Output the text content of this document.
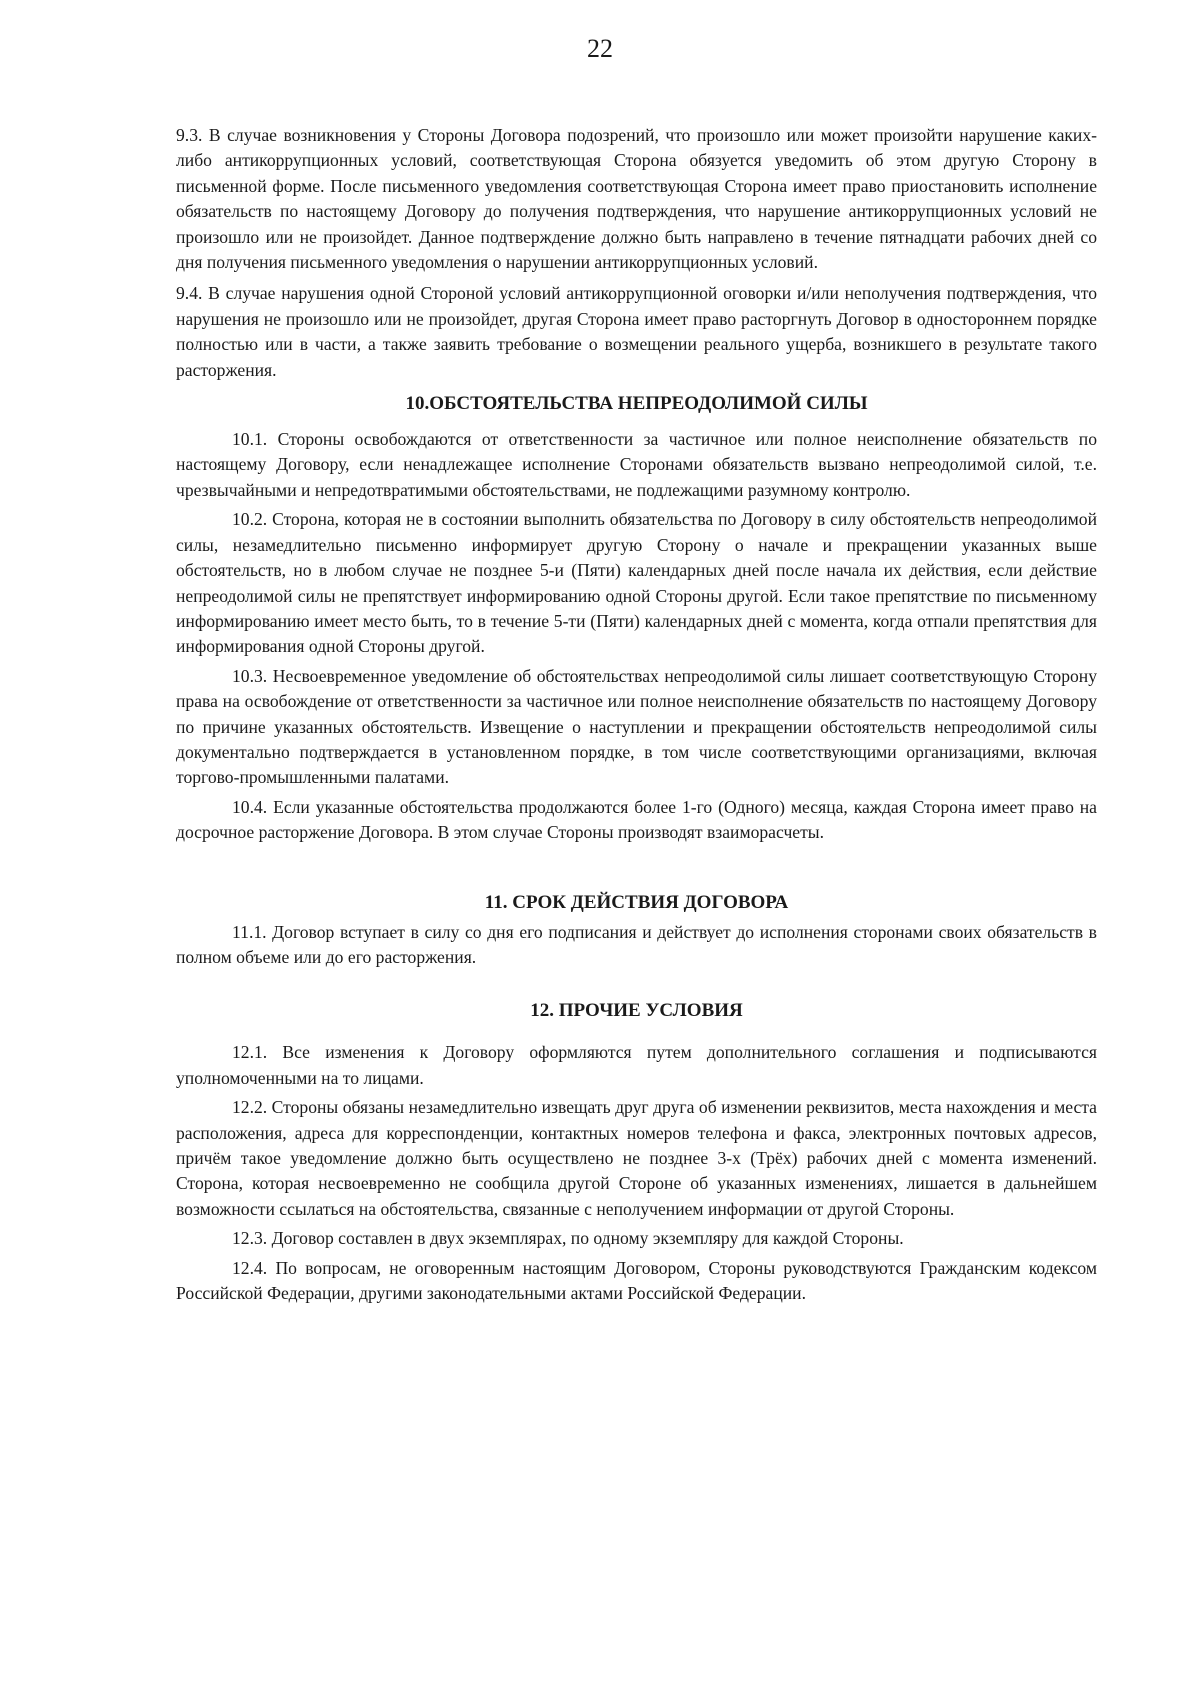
22

9.3. В случае возникновения у Стороны Договора подозрений, что произошло или может произойти нарушение каких-либо антикоррупционных условий, соответствующая Сторона обязуется уведомить об этом другую Сторону в письменной форме. После письменного уведомления соответствующая Сторона имеет право приостановить исполнение обязательств по настоящему Договору до получения подтверждения, что нарушение антикоррупционных условий не произошло или не произойдет. Данное подтверждение должно быть направлено в течение пятнадцати рабочих дней со дня получения письменного уведомления о нарушении антикоррупционных условий.

9.4. В случае нарушения одной Стороной условий антикоррупционной оговорки и/или неполучения подтверждения, что нарушения не произошло или не произойдет, другая Сторона имеет право расторгнуть Договор в одностороннем порядке полностью или в части, а также заявить требование о возмещении реального ущерба, возникшего в результате такого расторжения.

10.ОБСТОЯТЕЛЬСТВА НЕПРЕОДОЛИМОЙ СИЛЫ

10.1. Стороны освобождаются от ответственности за частичное или полное неисполнение обязательств по настоящему Договору, если ненадлежащее исполнение Сторонами обязательств вызвано непреодолимой силой, т.е. чрезвычайными и непредотвратимыми обстоятельствами, не подлежащими разумному контролю.

10.2. Сторона, которая не в состоянии выполнить обязательства по Договору в силу обстоятельств непреодолимой силы, незамедлительно письменно информирует другую Сторону о начале и прекращении указанных выше обстоятельств, но в любом случае не позднее 5-и (Пяти) календарных дней после начала их действия, если действие непреодолимой силы не препятствует информированию одной Стороны другой. Если такое препятствие по письменному информированию имеет место быть, то в течение 5-ти (Пяти) календарных дней с момента, когда отпали препятствия для информирования одной Стороны другой.

10.3. Несвоевременное уведомление об обстоятельствах непреодолимой силы лишает соответствующую Сторону права на освобождение от ответственности за частичное или полное неисполнение обязательств по настоящему Договору по причине указанных обстоятельств. Извещение о наступлении и прекращении обстоятельств непреодолимой силы документально подтверждается в установленном порядке, в том числе соответствующими организациями, включая торгово-промышленными палатами.

10.4. Если указанные обстоятельства продолжаются более 1-го (Одного) месяца, каждая Сторона имеет право на досрочное расторжение Договора. В этом случае Стороны производят взаиморасчеты.

11. СРОК ДЕЙСТВИЯ ДОГОВОРА

11.1. Договор вступает в силу со дня его подписания и действует до исполнения сторонами своих обязательств в полном объеме или до его расторжения.

12. ПРОЧИЕ УСЛОВИЯ

12.1. Все изменения к Договору оформляются путем дополнительного соглашения и подписываются уполномоченными на то лицами.

12.2. Стороны обязаны незамедлительно извещать друг друга об изменении реквизитов, места нахождения и места расположения, адреса для корреспонденции, контактных номеров телефона и факса, электронных почтовых адресов, причём такое уведомление должно быть осуществлено не позднее 3-х (Трёх) рабочих дней с момента изменений. Сторона, которая несвоевременно не сообщила другой Стороне об указанных изменениях, лишается в дальнейшем возможности ссылаться на обстоятельства, связанные с неполучением информации от другой Стороны.

12.3. Договор составлен в двух экземплярах, по одному экземпляру для каждой Стороны.

12.4. По вопросам, не оговоренным настоящим Договором, Стороны руководствуются Гражданским кодексом Российской Федерации, другими законодательными актами Российской Федерации.
